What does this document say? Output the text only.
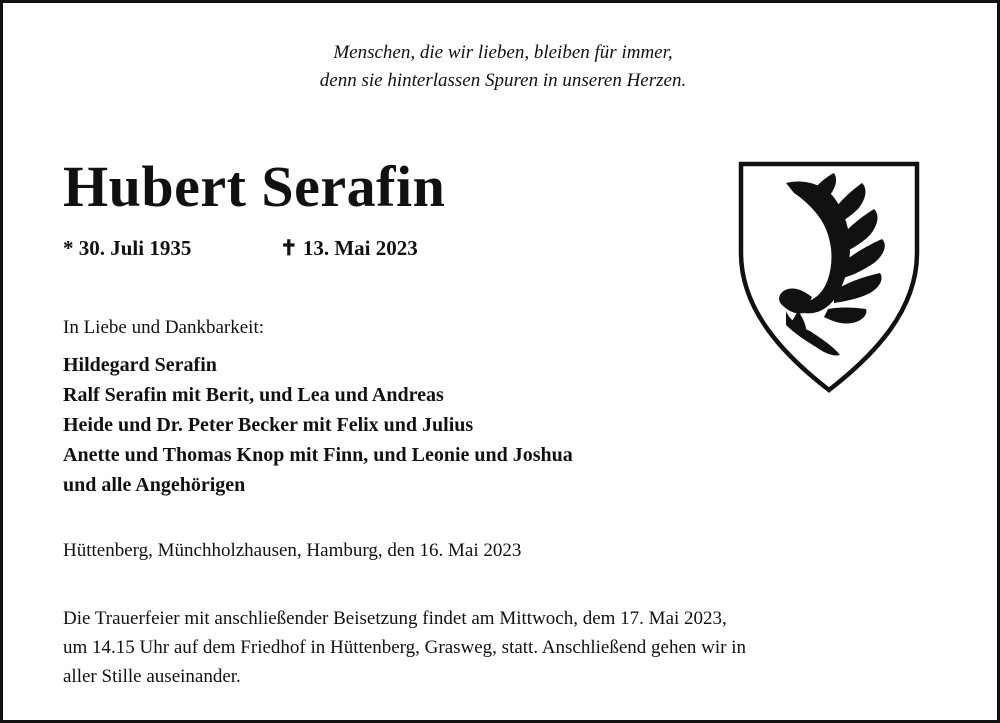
Menschen, die wir lieben, bleiben für immer,
denn sie hinterlassen Spuren in unseren Herzen.
Hubert Serafin
* 30. Juli 1935	✝ 13. Mai 2023
In Liebe und Dankbarkeit:
Hildegard Serafin
Ralf Serafin mit Berit, und Lea und Andreas
Heide und Dr. Peter Becker mit Felix und Julius
Anette und Thomas Knop mit Finn, und Leonie und Joshua
und alle Angehörigen
Hüttenberg, Münchholzhausen, Hamburg, den 16. Mai 2023
Die Trauerfeier mit anschließender Beisetzung findet am Mittwoch, dem 17. Mai 2023,
um 14.15 Uhr auf dem Friedhof in Hüttenberg, Grasweg, statt. Anschließend gehen wir in
aller Stille auseinander.
